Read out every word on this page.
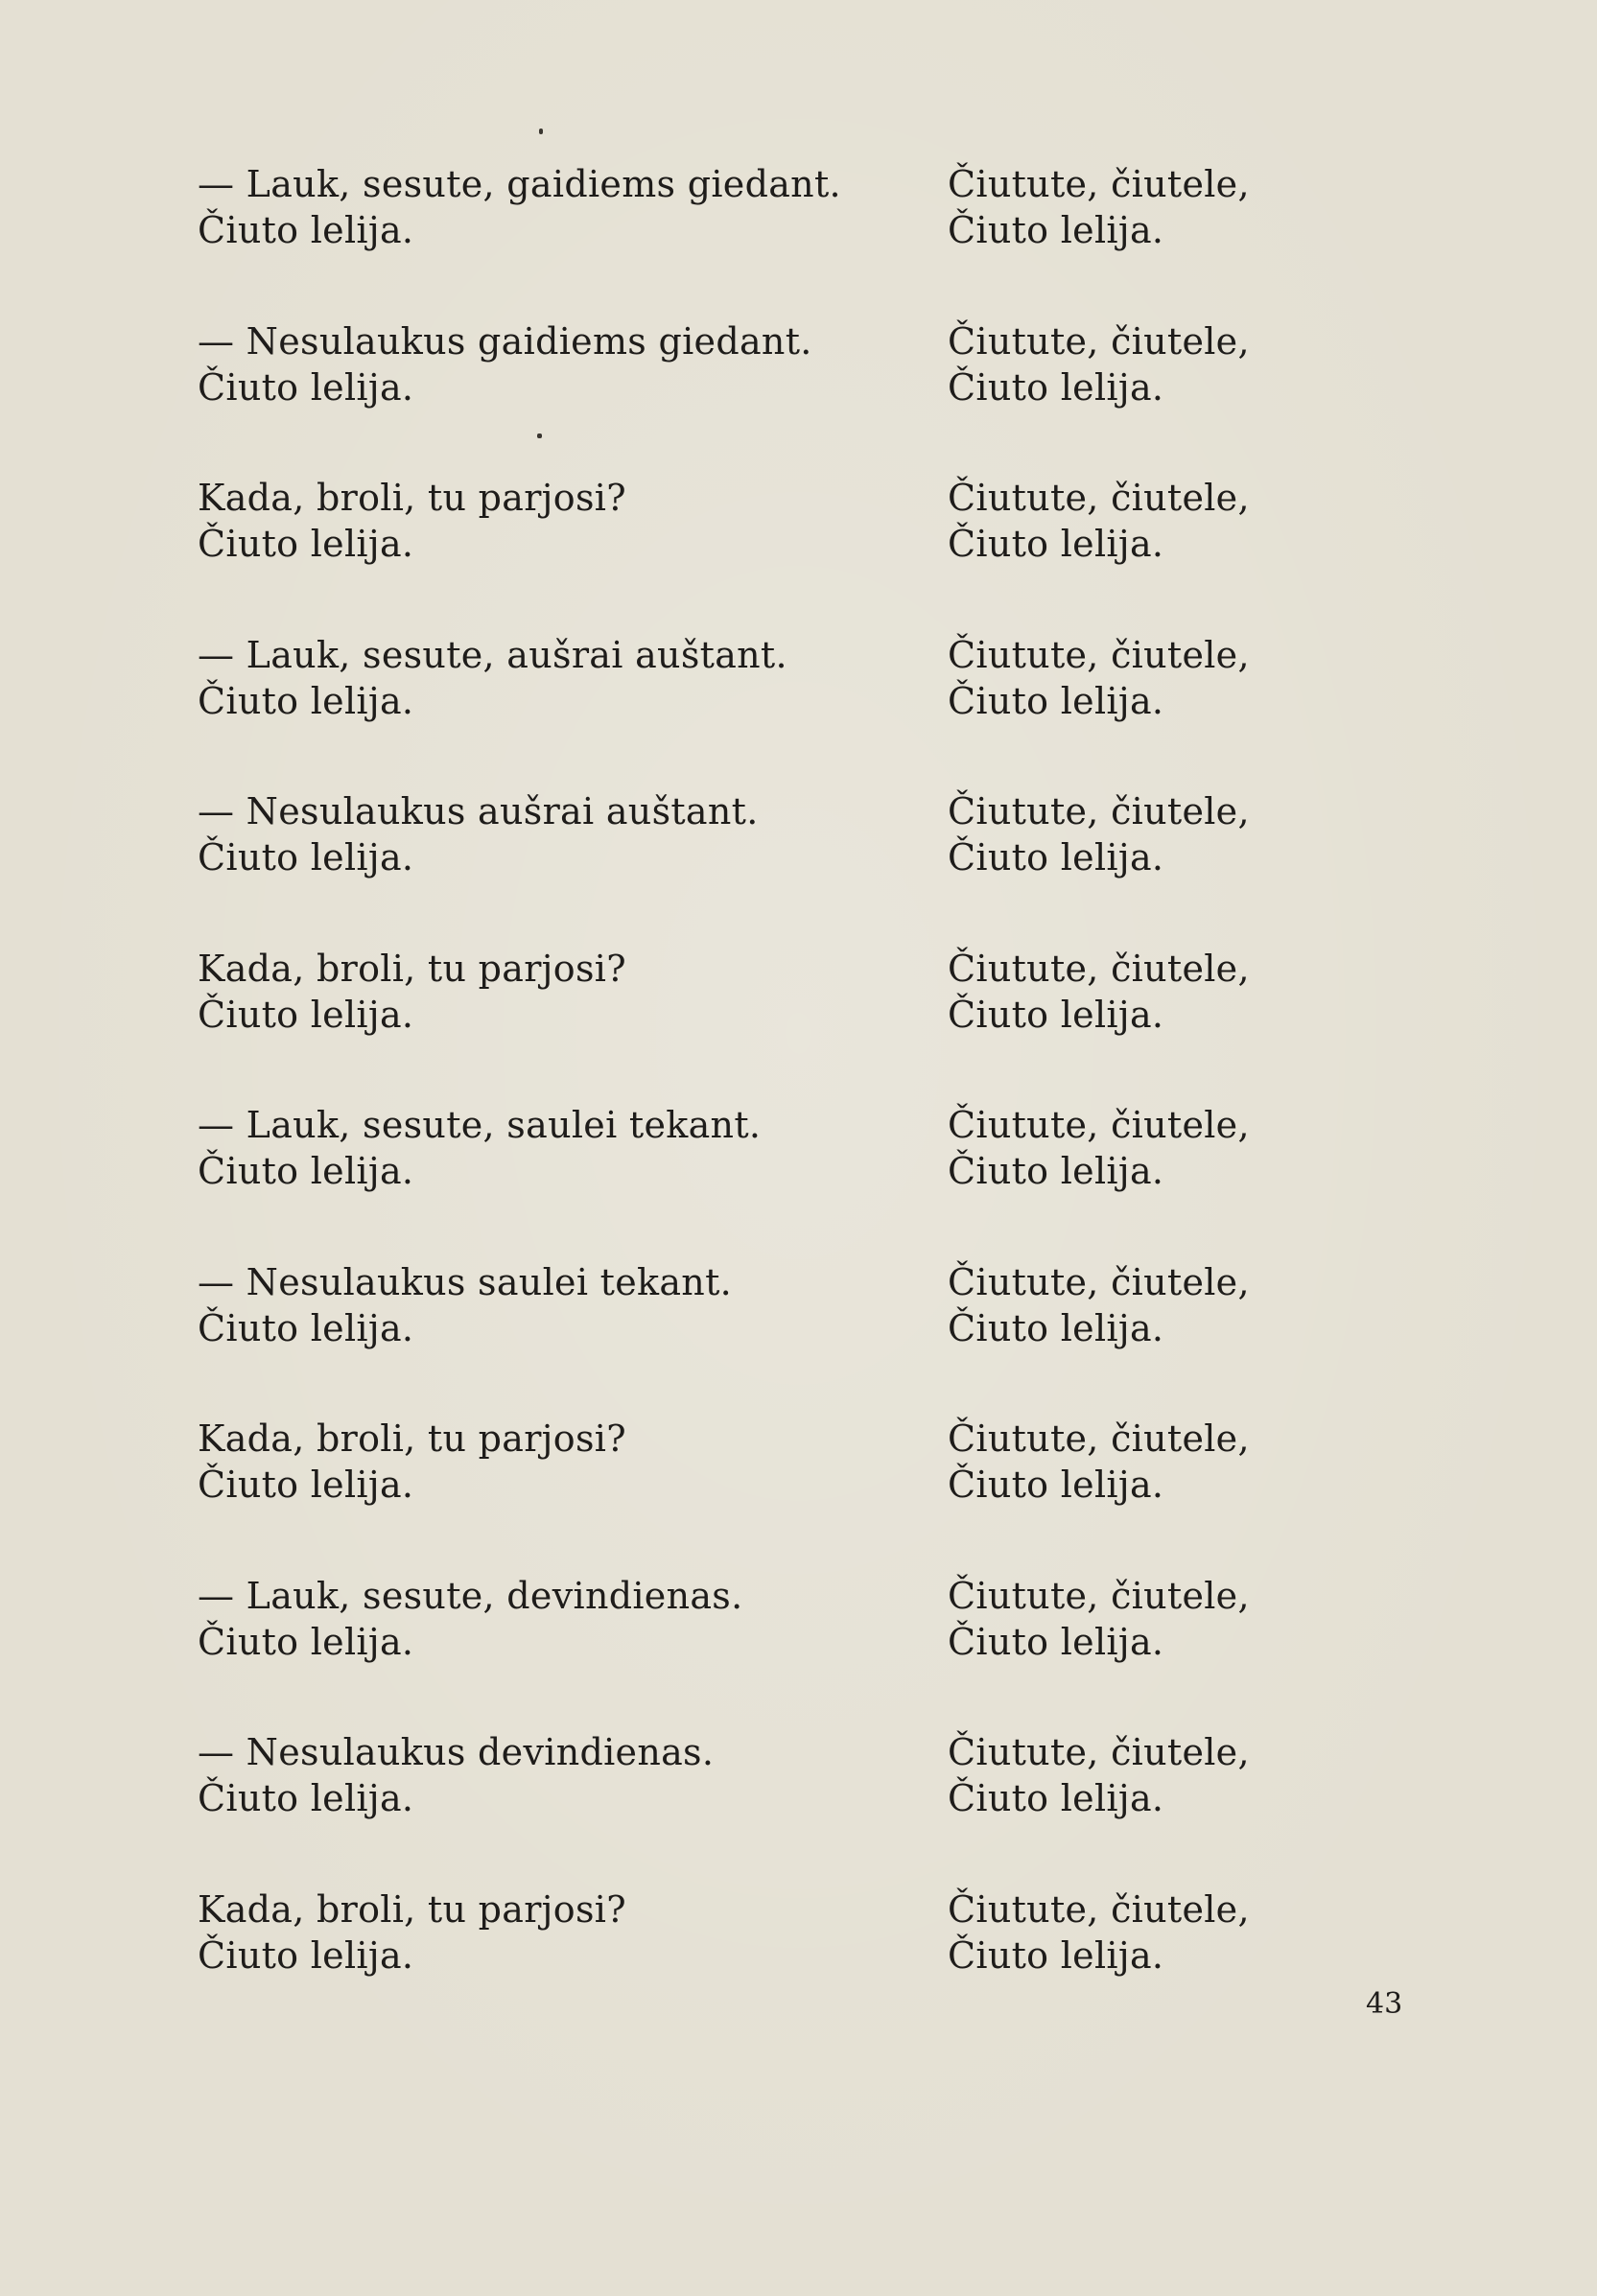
— Lauk, sesute, gaidiems giedant.
Čiuto lelija.
Čiutute, čiutele,
Čiuto lelija.
— Nesulaukus gaidiems giedant.
Čiuto lelija.
Čiutute, čiutele,
Čiuto lelija.
Kada, broli, tu parjosi?
Čiuto lelija.
Čiutute, čiutele,
Čiuto lelija.
— Lauk, sesute, aušrai auštant.
Čiuto lelija.
Čiutute, čiutele,
Čiuto lelija.
— Nesulaukus aušrai auštant.
Čiuto lelija.
Čiutute, čiutele,
Čiuto lelija.
Kada, broli, tu parjosi?
Čiuto lelija.
Čiutute, čiutele,
Čiuto lelija.
— Lauk, sesute, saulei tekant.
Čiuto lelija.
Čiutute, čiutele,
Čiuto lelija.
— Nesulaukus saulei tekant.
Čiuto lelija.
Čiutute, čiutele,
Čiuto lelija.
Kada, broli, tu parjosi?
Čiuto lelija.
Čiutute, čiutele,
Čiuto lelija.
— Lauk, sesute, devindienas.
Čiuto lelija.
Čiutute, čiutele,
Čiuto lelija.
— Nesulaukus devindienas.
Čiuto lelija.
Čiutute, čiutele,
Čiuto lelija.
Kada, broli, tu parjosi?
Čiuto lelija.
Čiutute, čiutele,
Čiuto lelija.
43
